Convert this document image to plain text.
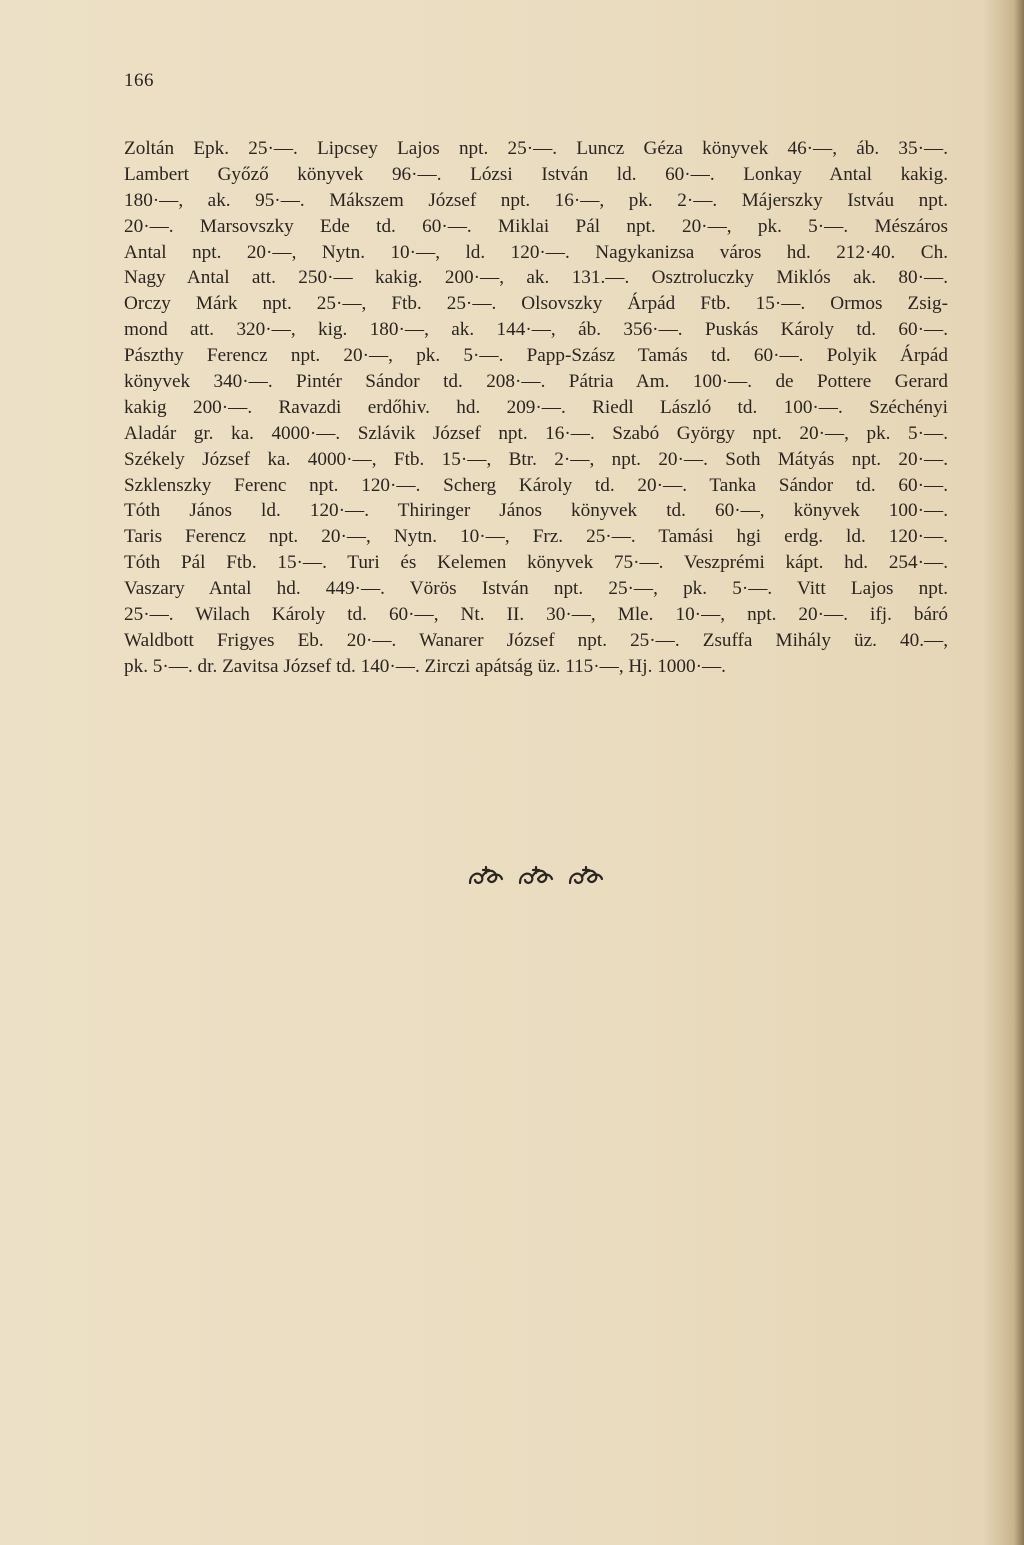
166
Zoltán Epk. 25·—. Lipcsey Lajos npt. 25·—. Luncz Géza könyvek 46·—, áb. 35·—.
Lambert Győző könyvek 96·—. Lózsi István ld. 60·—. Lonkay Antal kakig.
180·—, ak. 95·—. Mákszem József npt. 16·—, pk. 2·—. Májerszky Istváu npt.
20·—. Marsovszky Ede td. 60·—. Miklai Pál npt. 20·—, pk. 5·—. Mészáros
Antal npt. 20·—, Nytn. 10·—, ld. 120·—. Nagykanizsa város hd. 212·40. Ch.
Nagy Antal att. 250·— kakig. 200·—, ak. 131.—. Osztroluczky Miklós ak. 80·—.
Orczy Márk npt. 25·—, Ftb. 25·—. Olsovszky Árpád Ftb. 15·—. Ormos Zsig-
mond att. 320·—, kig. 180·—, ak. 144·—, áb. 356·—. Puskás Károly td. 60·—.
Pászthy Ferencz npt. 20·—, pk. 5·—. Papp-Szász Tamás td. 60·—. Polyik Árpád
könyvek 340·—. Pintér Sándor td. 208·—. Pátria Am. 100·—. de Pottere Gerard
kakig 200·—. Ravazdi erdőhiv. hd. 209·—. Riedl László td. 100·—. Széchényi
Aladár gr. ka. 4000·—. Szlávik József npt. 16·—. Szabó György npt. 20·—, pk. 5·—.
Székely József ka. 4000·—, Ftb. 15·—, Btr. 2·—, npt. 20·—. Soth Mátyás npt. 20·—.
Szklenszky Ferenc npt. 120·—. Scherg Károly td. 20·—. Tanka Sándor td. 60·—.
Tóth János ld. 120·—. Thiringer János könyvek td. 60·—, könyvek 100·—.
Taris Ferencz npt. 20·—, Nytn. 10·—, Frz. 25·—. Tamási hgi erdg. ld. 120·—.
Tóth Pál Ftb. 15·—. Turi és Kelemen könyvek 75·—. Veszprémi kápt. hd. 254·—.
Vaszary Antal hd. 449·—. Vörös István npt. 25·—, pk. 5·—. Vitt Lajos npt.
25·—. Wilach Károly td. 60·—, Nt. II. 30·—, Mle. 10·—, npt. 20·—. ifj. báró
Waldbott Frigyes Eb. 20·—. Wanarer József npt. 25·—. Zsuffa Mihály üz. 40.—,
pk. 5·—. dr. Zavitsa József td. 140·—. Zirczi apátság üz. 115·—, Hj. 1000·—.
